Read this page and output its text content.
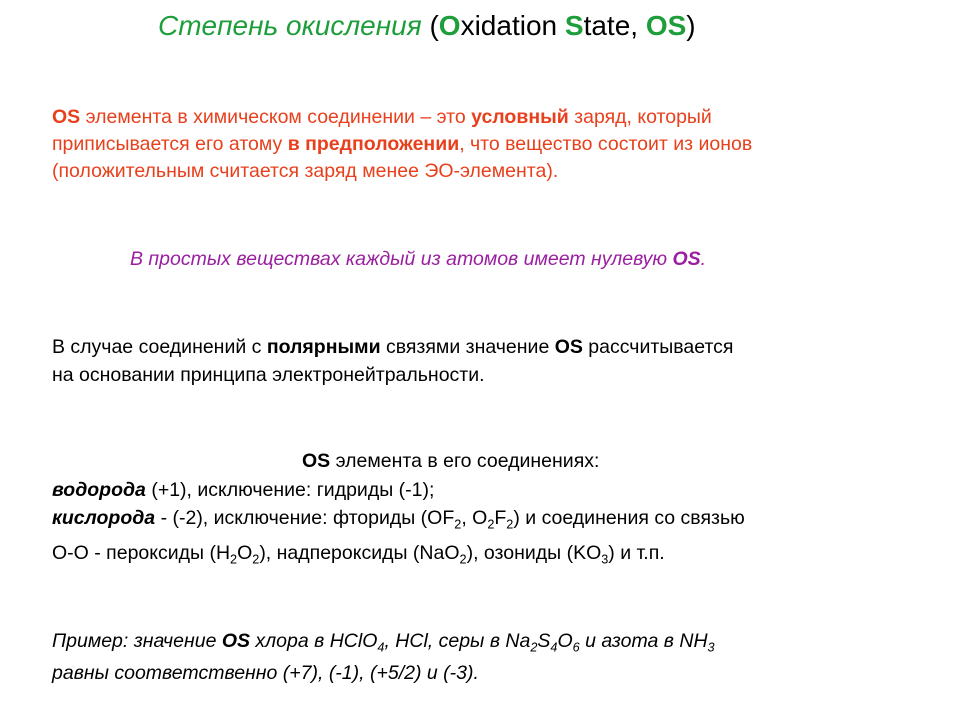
Степень окисления (Oxidation State, OS)
OS элемента в химическом соединении – это условный заряд, который
приписывается его атому в предположении, что вещество состоит из ионов
(положительным считается заряд менее ЭО-элемента).
В простых веществах каждый из атомов имеет нулевую OS.
В случае соединений с полярными связями значение OS рассчитывается
на основании принципа электронейтральности.
OS элемента в его соединениях:
водорода (+1), исключение: гидриды (-1);
кислорода - (-2), исключение: фториды ($OF_2$, $O_2F_2$) и соединения со связью
O-O - пероксиды $(H_2O_2)$, надпероксиды (NaO$_2$), озониды $(KO_3)$ и т.п.
Пример: значение OS хлора в HClO$_4$, HCl, серы в $Na_2S_4O_6$ и азота в $NH_3$
равны соответственно (+7), (-1), (+5/2) и (-3).
